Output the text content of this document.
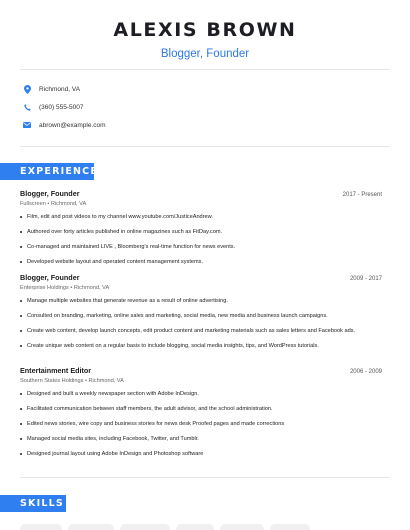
ALEXIS BROWN
Blogger, Founder
Richmond, VA
(360) 555-5007
abrown@example.com
EXPERIENCE
Blogger, Founder	2017 - Present
Fullscreen • Richmond, VA
Film, edit and post videos to my channel www.youtube.com/JusticeAndrew.
Authored over forty articles published in online magazines such as FitDay.com.
Co-managed and maintained LIVE , Bloomberg's real-time function for news events.
Developed website layout and operated content management systems.
Blogger, Founder	2009 - 2017
Enterprise Holdings • Richmond, VA
Manage multiple websites that generate revenue as a result of online advertising.
Consulted on branding, marketing, online sales and marketing, social media, new media and business launch campaigns.
Create web content, develop launch concepts, edit product content and marketing materials such as sales letters and Facebook ads.
Create unique web content on a regular basis to include blogging, social media insights, tips, and WordPress tutorials.
Entertainment Editor	2006 - 2009
Southern States Holdings • Richmond, VA
Designed and built a weekly newspaper section with Adobe InDesign.
Facilitated communication between staff members, the adult advisor, and the school administration.
Edited news stories, wire copy and business stories for news desk Proofed pages and made corrections
Managed social media sites, including Facebook, Twitter, and Tumblr.
Designed journal layout using Adobe InDesign and Photoshop software
SKILLS
